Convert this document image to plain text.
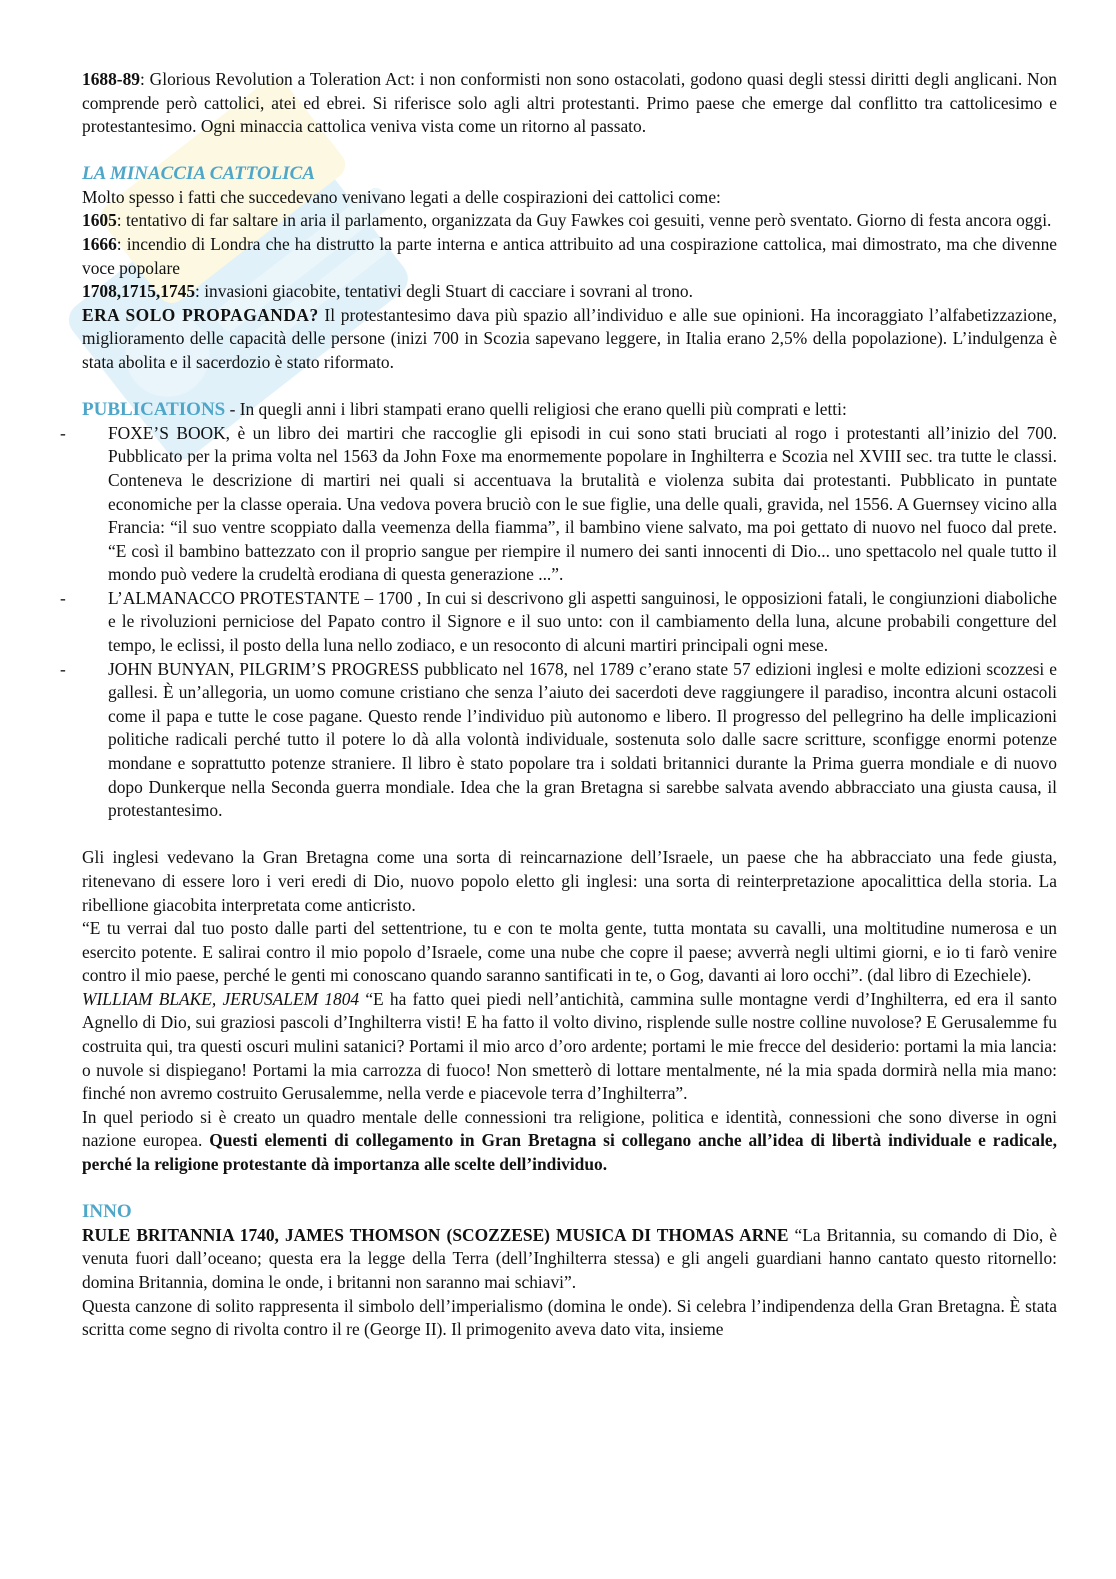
1688-89: Glorious Revolution a Toleration Act: i non conformisti non sono ostacolati, godono quasi degli stessi diritti degli anglicani. Non comprende però cattolici, atei ed ebrei. Si riferisce solo agli altri protestanti. Primo paese che emerge dal conflitto tra cattolicesimo e protestantesimo. Ogni minaccia cattolica veniva vista come un ritorno al passato.

LA MINACCIA CATTOLICA

Molto spesso i fatti che succedevano venivano legati a delle cospirazioni dei cattolici come:

1605: tentativo di far saltare in aria il parlamento, organizzata da Guy Fawkes coi gesuiti, venne però sventato. Giorno di festa ancora oggi.

1666: incendio di Londra che ha distrutto la parte interna e antica attribuito ad una cospirazione cattolica, mai dimostrato, ma che divenne voce popolare

1708,1715,1745: invasioni giacobite, tentativi degli Stuart di cacciare i sovrani al trono.

ERA SOLO PROPAGANDA? Il protestantesimo dava più spazio all’individuo e alle sue opinioni. Ha incoraggiato l’alfabetizzazione, miglioramento delle capacità delle persone (inizi 700 in Scozia sapevano leggere, in Italia erano 2,5% della popolazione). L’indulgenza è stata abolita e il sacerdozio è stato riformato.

PUBLICATIONS - In quegli anni i libri stampati erano quelli religiosi che erano quelli più comprati e letti:

- FOXE’S BOOK, è un libro dei martiri che raccoglie gli episodi in cui sono stati bruciati al rogo i protestanti all’inizio del 700. Pubblicato per la prima volta nel 1563 da John Foxe ma enormemente popolare in Inghilterra e Scozia nel XVIII sec. tra tutte le classi. Conteneva le descrizione di martiri nei quali si accentuava la brutalità e violenza subita dai protestanti. Pubblicato in puntate economiche per la classe operaia. Una vedova povera bruciò con le sue figlie, una delle quali, gravida, nel 1556. A Guernsey vicino alla Francia: “il suo ventre scoppiato dalla veemenza della fiamma”, il bambino viene salvato, ma poi gettato di nuovo nel fuoco dal prete. “E così il bambino battezzato con il proprio sangue per riempire il numero dei santi innocenti di Dio... uno spettacolo nel quale tutto il mondo può vedere la crudeltà erodiana di questa generazione ...”.
- L’ALMANACCO PROTESTANTE – 1700 , In cui si descrivono gli aspetti sanguinosi, le opposizioni fatali, le congiunzioni diaboliche e le rivoluzioni perniciose del Papato contro il Signore e il suo unto: con il cambiamento della luna, alcune probabili congetture del tempo, le eclissi, il posto della luna nello zodiaco, e un resoconto di alcuni martiri principali ogni mese.
- JOHN BUNYAN, PILGRIM’S PROGRESS pubblicato nel 1678, nel 1789 c’erano state 57 edizioni inglesi e molte edizioni scozzesi e gallesi. È un’allegoria, un uomo comune cristiano che senza l’aiuto dei sacerdoti deve raggiungere il paradiso, incontra alcuni ostacoli come il papa e tutte le cose pagane. Questo rende l’individuo più autonomo e libero. Il progresso del pellegrino ha delle implicazioni politiche radicali perché tutto il potere lo dà alla volontà individuale, sostenuta solo dalle sacre scritture, sconfigge enormi potenze mondane e soprattutto potenze straniere. Il libro è stato popolare tra i soldati britannici durante la Prima guerra mondiale e di nuovo dopo Dunkerque nella Seconda guerra mondiale. Idea che la gran Bretagna si sarebbe salvata avendo abbracciato una giusta causa, il protestantesimo.

Gli inglesi vedevano la Gran Bretagna come una sorta di reincarnazione dell’Israele, un paese che ha abbracciato una fede giusta, ritenevano di essere loro i veri eredi di Dio, nuovo popolo eletto gli inglesi: una sorta di reinterpretazione apocalittica della storia. La ribellione giacobita interpretata come anticristo.

“E tu verrai dal tuo posto dalle parti del settentrione, tu e con te molta gente, tutta montata su cavalli, una moltitudine numerosa e un esercito potente. E salirai contro il mio popolo d’Israele, come una nube che copre il paese; avverrà negli ultimi giorni, e io ti farò venire contro il mio paese, perché le genti mi conoscano quando saranno santificati in te, o Gog, davanti ai loro occhi”. (dal libro di Ezechiele).

WILLIAM BLAKE, JERUSALEM 1804 “E ha fatto quei piedi nell’antichità, cammina sulle montagne verdi d’Inghilterra, ed era il santo Agnello di Dio, sui graziosi pascoli d’Inghilterra visti! E ha fatto il volto divino, risplende sulle nostre colline nuvolose? E Gerusalemme fu costruita qui, tra questi oscuri mulini satanici? Portami il mio arco d’oro ardente; portami le mie frecce del desiderio: portami la mia lancia: o nuvole si dispiegano! Portami la mia carrozza di fuoco! Non smetterò di lottare mentalmente, né la mia spada dormirà nella mia mano: finché non avremo costruito Gerusalemme, nella verde e piacevole terra d’Inghilterra”.

In quel periodo si è creato un quadro mentale delle connessioni tra religione, politica e identità, connessioni che sono diverse in ogni nazione europea. Questi elementi di collegamento in Gran Bretagna si collegano anche all’idea di libertà individuale e radicale, perché la religione protestante dà importanza alle scelte dell’individuo.

INNO

RULE BRITANNIA 1740, JAMES THOMSON (SCOZZESE) MUSICA DI THOMAS ARNE “La Britannia, su comando di Dio, è venuta fuori dall’oceano; questa era la legge della Terra (dell’Inghilterra stessa) e gli angeli guardiani hanno cantato questo ritornello: domina Britannia, domina le onde, i britanni non saranno mai schiavi”.

Questa canzone di solito rappresenta il simbolo dell’imperialismo (domina le onde). Si celebra l’indipendenza della Gran Bretagna. È stata scritta come segno di rivolta contro il re (George II). Il primogenito aveva dato vita, insieme
